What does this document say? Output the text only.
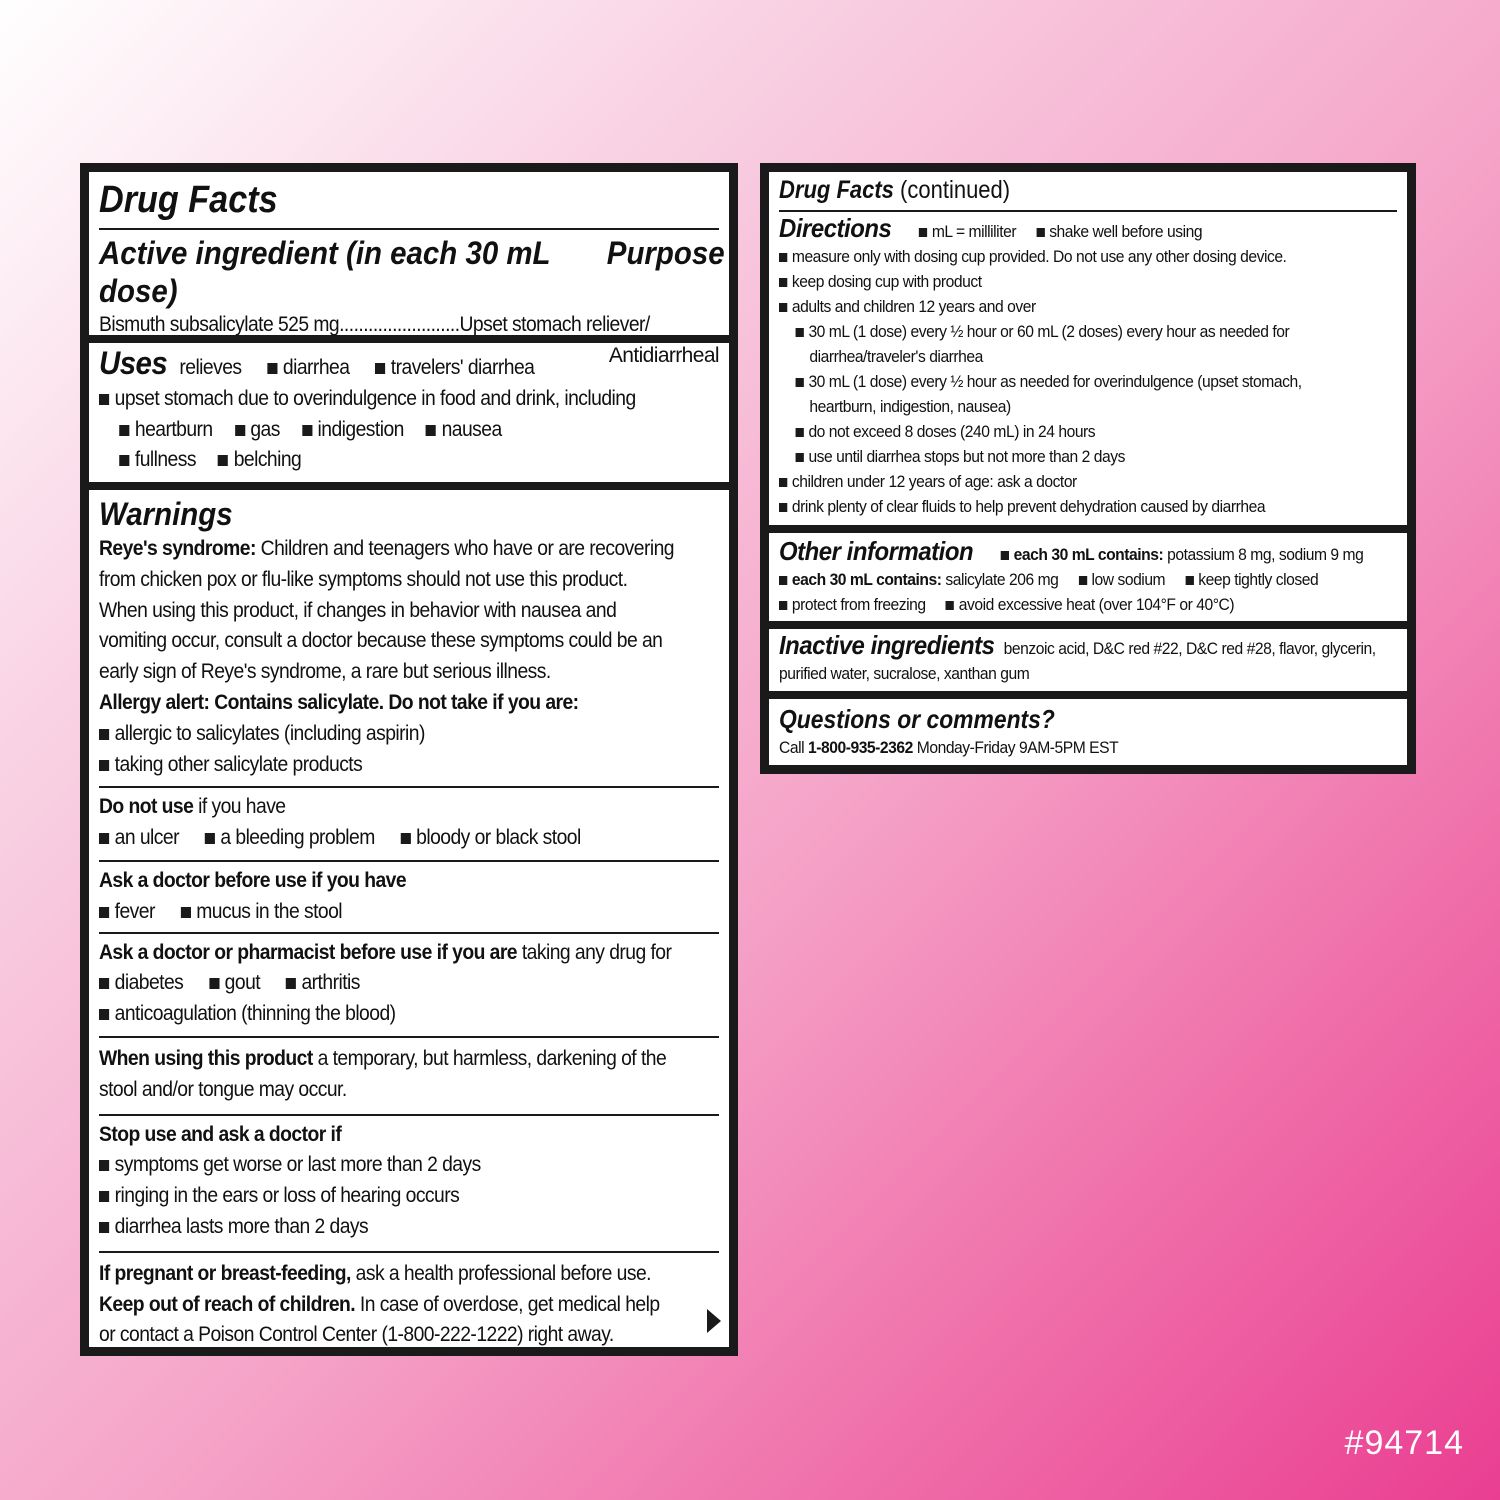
Drug Facts
Active ingredient (in each 30 mL dose)
Purpose
Bismuth subsalicylate 525 mg.........................Upset stomach reliever/
Antidiarrheal
Uses relieves diarrhea travelers' diarrhea
upset stomach due to overindulgence in food and drink, including
heartburn gas indigestion nausea
fullness belching
Warnings
Reye's syndrome: Children and teenagers who have or are recovering
from chicken pox or flu-like symptoms should not use this product.
When using this product, if changes in behavior with nausea and
vomiting occur, consult a doctor because these symptoms could be an
early sign of Reye's syndrome, a rare but serious illness.
Allergy alert: Contains salicylate. Do not take if you are:
allergic to salicylates (including aspirin)
taking other salicylate products
Do not use if you have
an ulcer a bleeding problem bloody or black stool
Ask a doctor before use if you have
fever mucus in the stool
Ask a doctor or pharmacist before use if you are taking any drug for
diabetes gout arthritis
anticoagulation (thinning the blood)
When using this product a temporary, but harmless, darkening of the
stool and/or tongue may occur.
Stop use and ask a doctor if
symptoms get worse or last more than 2 days
ringing in the ears or loss of hearing occurs
diarrhea lasts more than 2 days
If pregnant or breast-feeding, ask a health professional before use.
Keep out of reach of children. In case of overdose, get medical help
or contact a Poison Control Center (1-800-222-1222) right away.
Drug Facts (continued)
Directions mL = milliliter shake well before using
measure only with dosing cup provided. Do not use any other dosing device.
keep dosing cup with product
adults and children 12 years and over
30 mL (1 dose) every ½ hour or 60 mL (2 doses) every hour as needed for
diarrhea/traveler's diarrhea
30 mL (1 dose) every ½ hour as needed for overindulgence (upset stomach,
heartburn, indigestion, nausea)
do not exceed 8 doses (240 mL) in 24 hours
use until diarrhea stops but not more than 2 days
children under 12 years of age: ask a doctor
drink plenty of clear fluids to help prevent dehydration caused by diarrhea
Other information each 30 mL contains: potassium 8 mg, sodium 9 mg
each 30 mL contains: salicylate 206 mg low sodium keep tightly closed
protect from freezing avoid excessive heat (over 104°F or 40°C)
Inactive ingredients benzoic acid, D&C red #22, D&C red #28, flavor, glycerin,
purified water, sucralose, xanthan gum
Questions or comments?
Call 1-800-935-2362 Monday-Friday 9AM-5PM EST
#94714
